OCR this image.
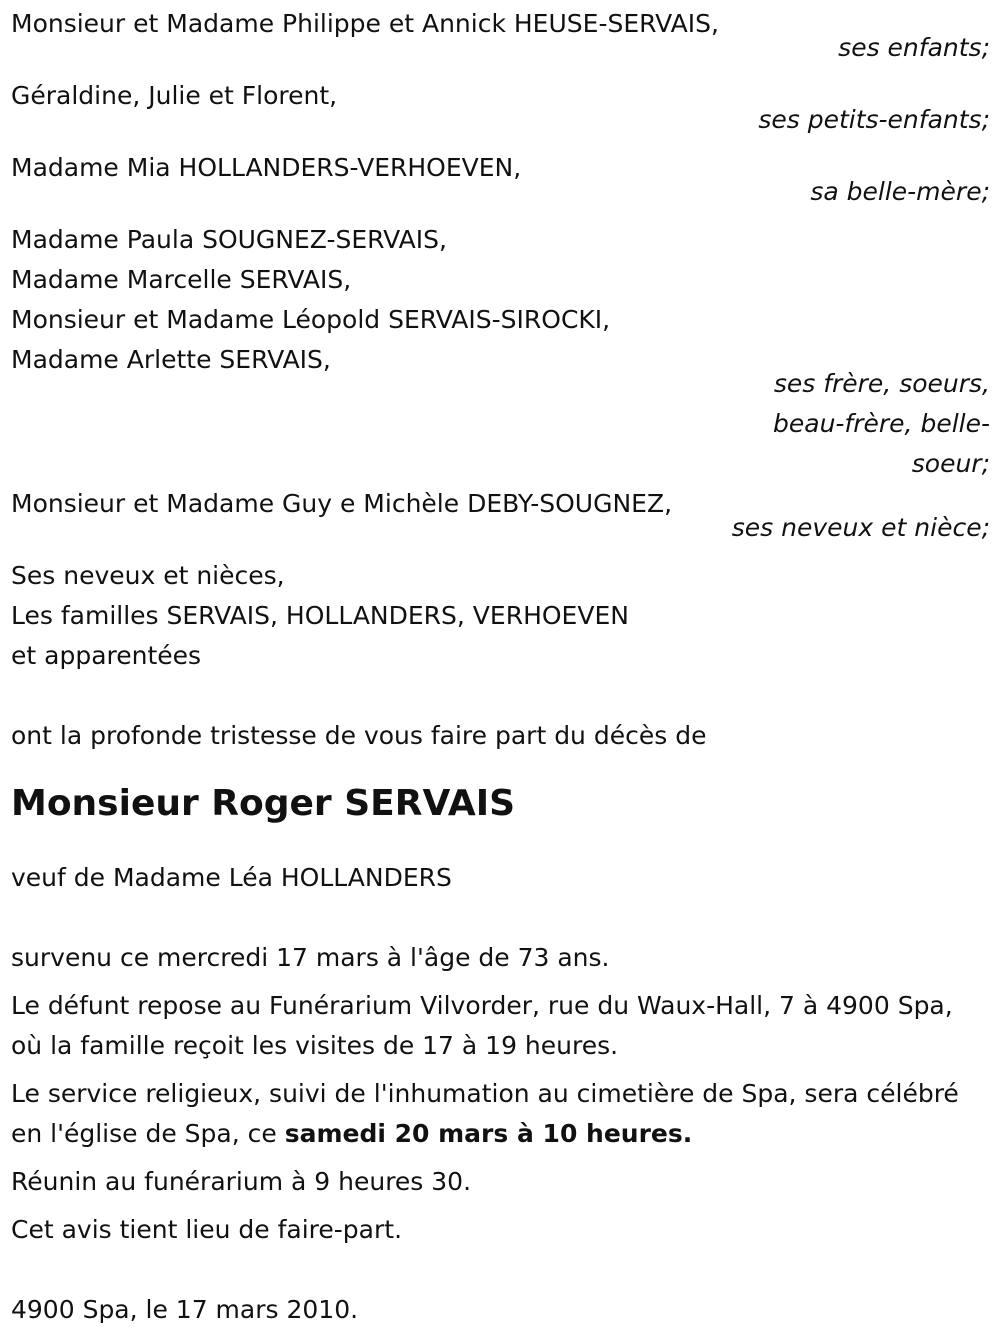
Monsieur et Madame Philippe et Annick HEUSE-SERVAIS,
ses enfants;
Géraldine, Julie et Florent,
ses petits-enfants;
Madame Mia HOLLANDERS-VERHOEVEN,
sa belle-mère;
Madame Paula SOUGNEZ-SERVAIS,
Madame Marcelle SERVAIS,
Monsieur et Madame Léopold SERVAIS-SIROCKI,
Madame Arlette SERVAIS,
ses frère, soeurs,
beau-frère, belle-
soeur;
Monsieur et Madame Guy e Michèle DEBY-SOUGNEZ,
ses neveux et nièce;
Ses neveux et nièces,
Les familles SERVAIS, HOLLANDERS, VERHOEVEN
et apparentées
ont la profonde tristesse de vous faire part du décès de
Monsieur Roger SERVAIS
veuf de Madame Léa HOLLANDERS
survenu ce mercredi 17 mars à l'âge de 73 ans.
Le défunt repose au Funérarium Vilvorder, rue du Waux-Hall, 7 à 4900 Spa, où la famille reçoit les visites de 17 à 19 heures.
Le service religieux, suivi de l'inhumation au cimetière de Spa, sera célébré en l'église de Spa, ce samedi 20 mars à 10 heures.
Réunin au funérarium à 9 heures 30.
Cet avis tient lieu de faire-part.
4900 Spa, le 17 mars 2010.
